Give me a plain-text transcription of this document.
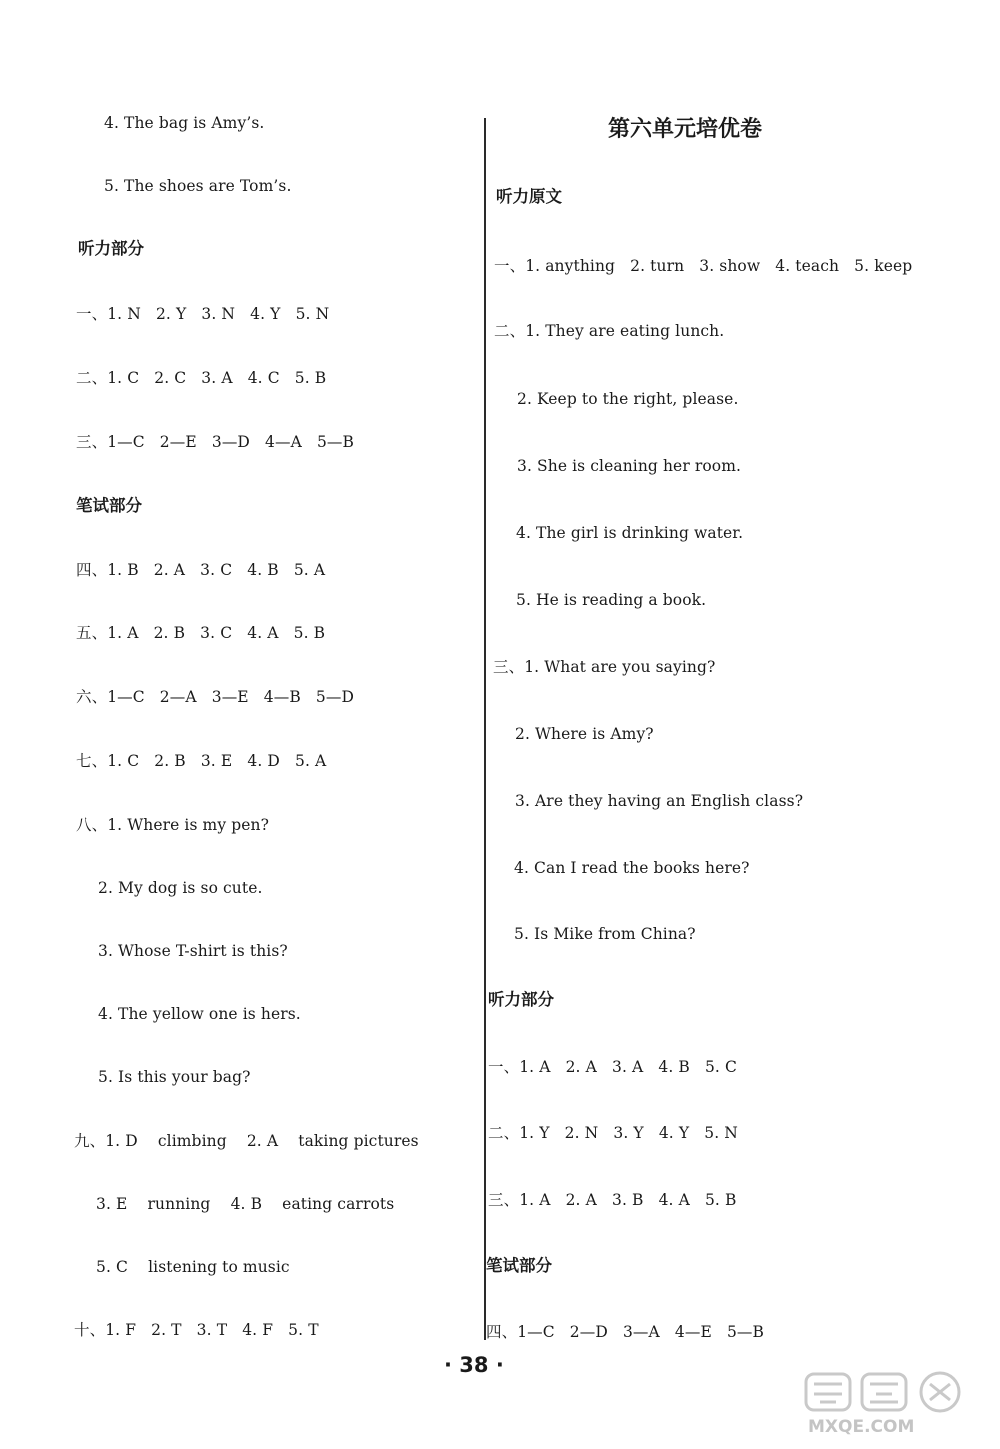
4. The bag is Amy’s.
5. The shoes are Tom’s.
听力部分
一、1. N   2. Y   3. N   4. Y   5. N
二、1. C   2. C   3. A   4. C   5. B
三、1—C   2—E   3—D   4—A   5—B
笔试部分
四、1. B   2. A   3. C   4. B   5. A
五、1. A   2. B   3. C   4. A   5. B
六、1—C   2—A   3—E   4—B   5—D
七、1. C   2. B   3. E   4. D   5. A
八、1. Where is my pen?
2. My dog is so cute.
3. Whose T-shirt is this?
4. The yellow one is hers.
5. Is this your bag?
九、1. D    climbing    2. A    taking pictures
3. E    running    4. B    eating carrots
5. C    listening to music
十、1. F   2. T   3. T   4. F   5. T
第六单元培优卷
听力原文
一、1. anything   2. turn   3. show   4. teach   5. keep
二、1. They are eating lunch.
2. Keep to the right, please.
3. She is cleaning her room.
4. The girl is drinking water.
5. He is reading a book.
三、1. What are you saying?
2. Where is Amy?
3. Are they having an English class?
4. Can I read the books here?
5. Is Mike from China?
听力部分
一、1. A   2. A   3. A   4. B   5. C
二、1. Y   2. N   3. Y   4. Y   5. N
三、1. A   2. A   3. B   4. A   5. B
笔试部分
四、1—C   2—D   3—A   4—E   5—B
· 38 ·
MXQE.COM
